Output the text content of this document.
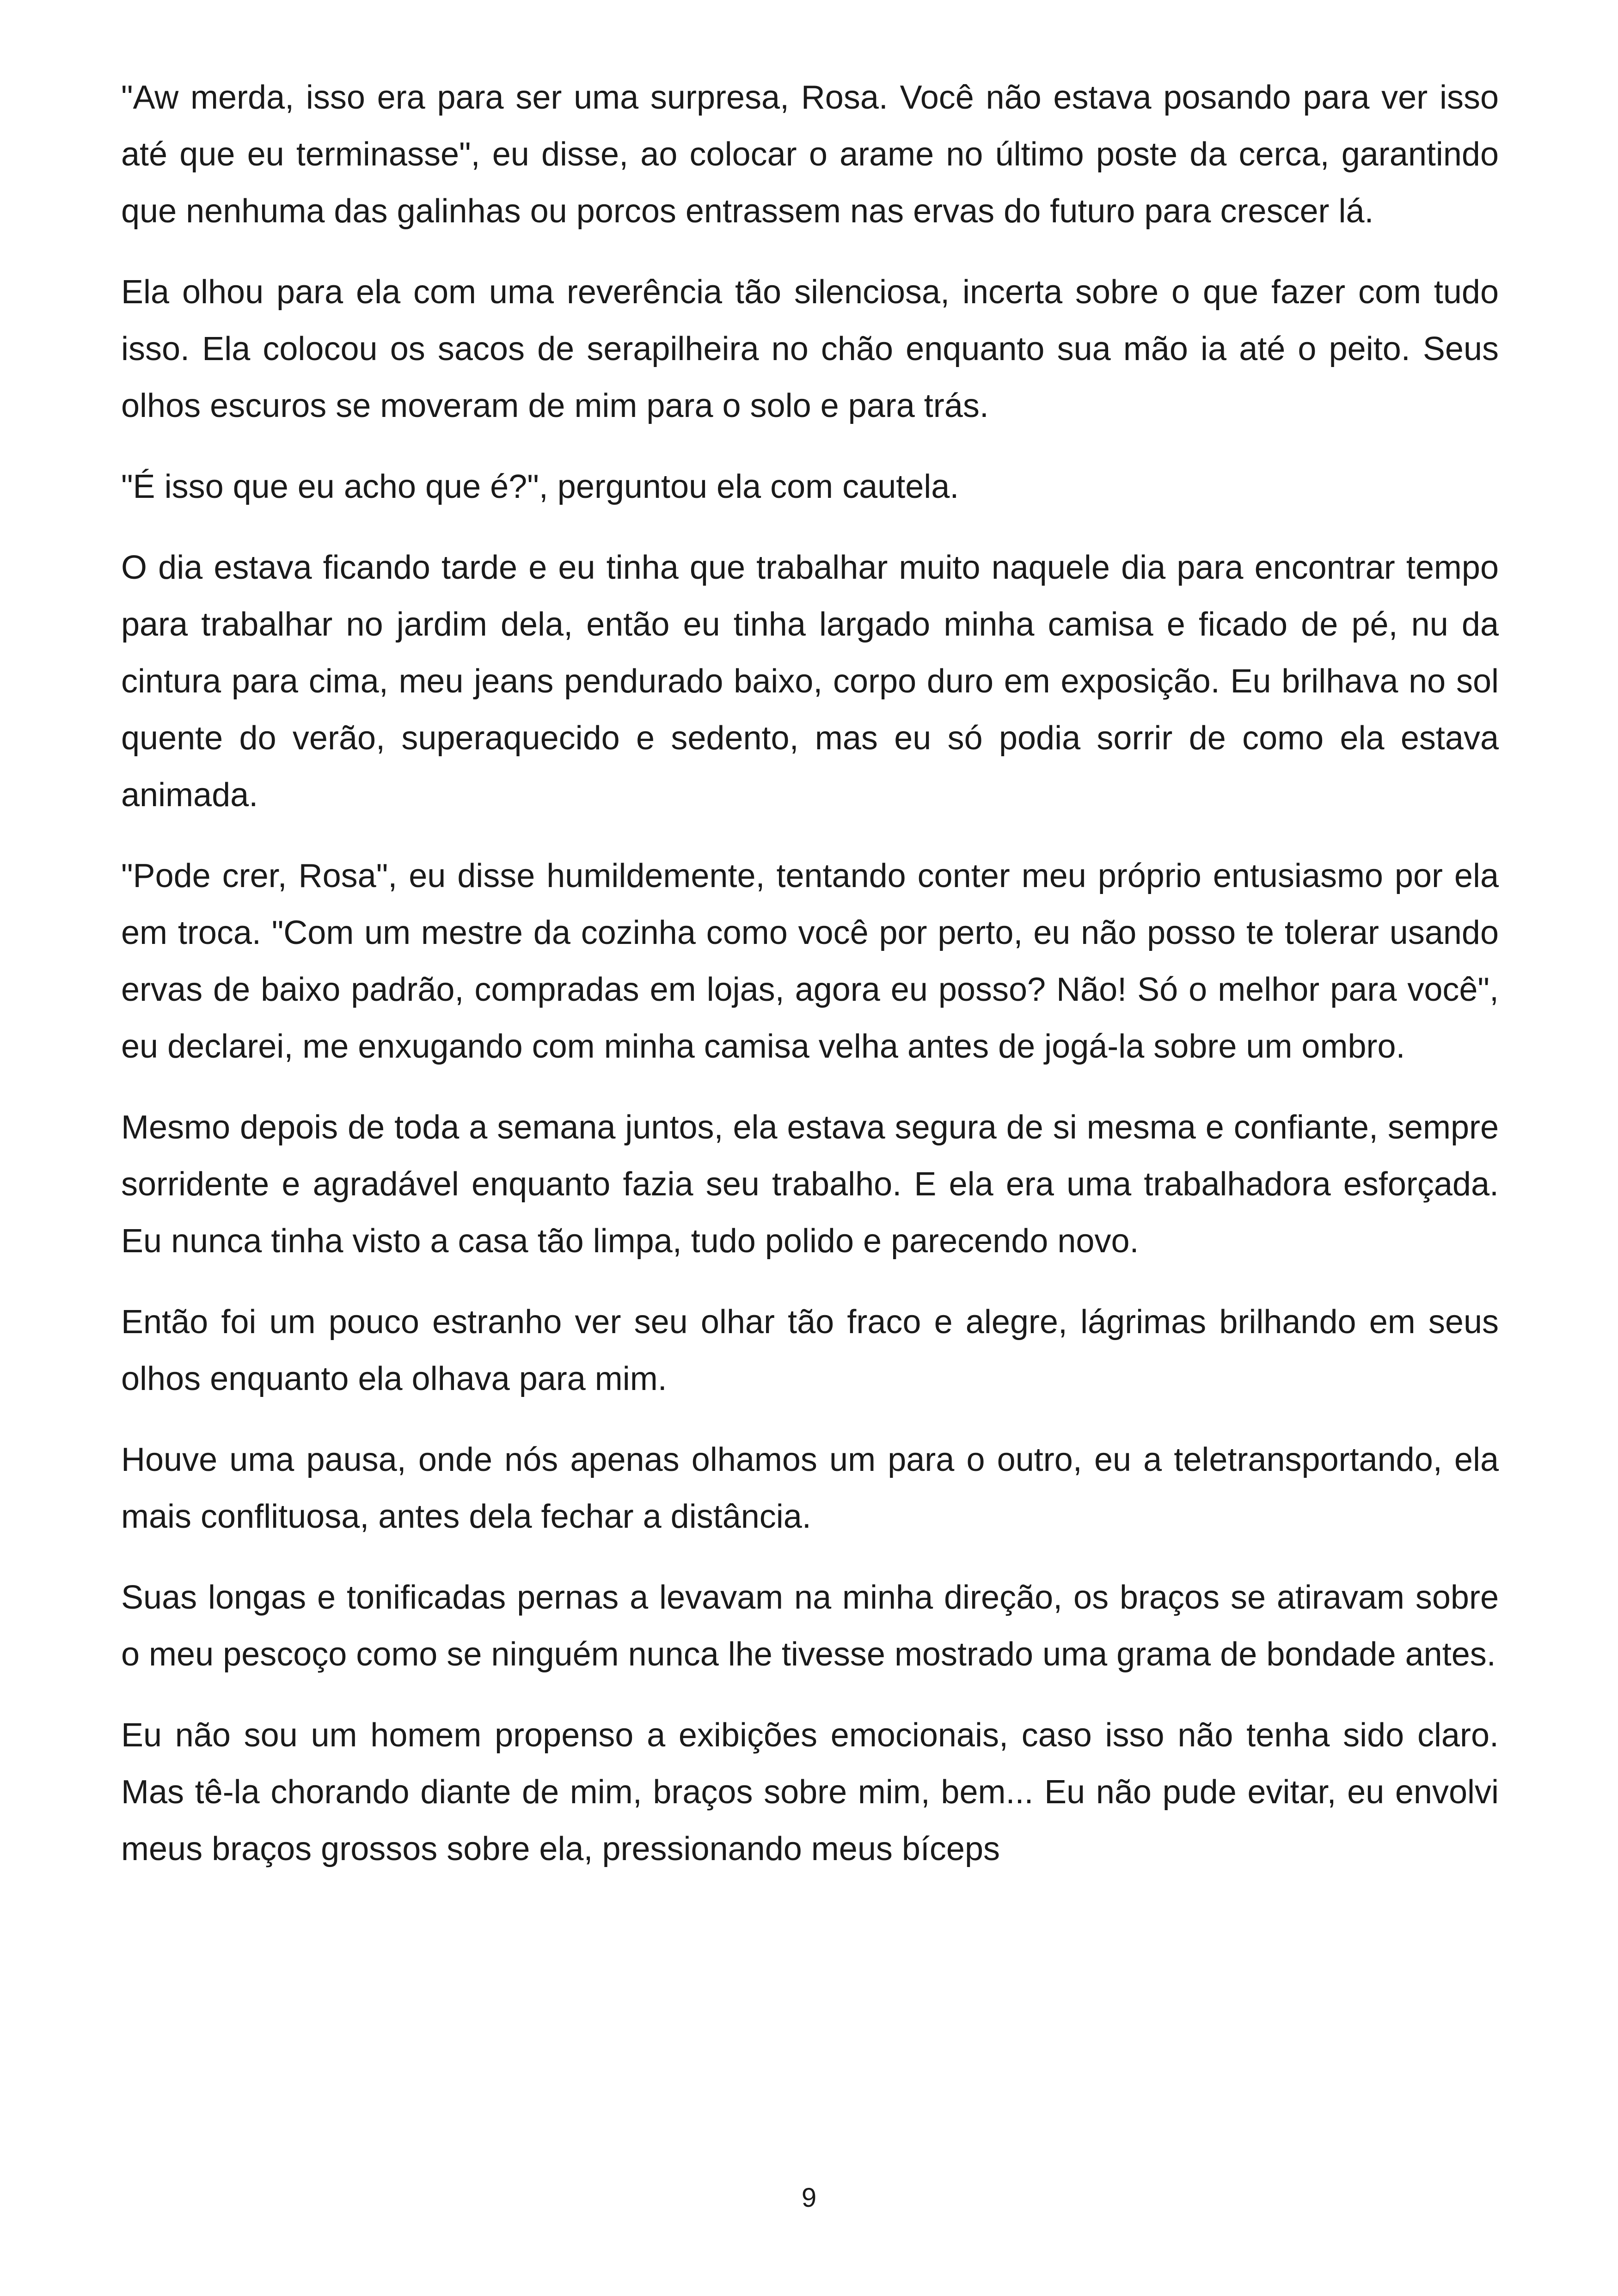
"Aw merda, isso era para ser uma surpresa, Rosa. Você não estava posando para ver isso até que eu terminasse", eu disse, ao colocar o arame no último poste da cerca, garantindo que nenhuma das galinhas ou porcos entrassem nas ervas do futuro para crescer lá.

Ela olhou para ela com uma reverência tão silenciosa, incerta sobre o que fazer com tudo isso. Ela colocou os sacos de serapilheira no chão enquanto sua mão ia até o peito. Seus olhos escuros se moveram de mim para o solo e para trás.

"É isso que eu acho que é?", perguntou ela com cautela.

O dia estava ficando tarde e eu tinha que trabalhar muito naquele dia para encontrar tempo para trabalhar no jardim dela, então eu tinha largado minha camisa e ficado de pé, nu da cintura para cima, meu jeans pendurado baixo, corpo duro em exposição. Eu brilhava no sol quente do verão, superaquecido e sedento, mas eu só podia sorrir de como ela estava animada.

"Pode crer, Rosa", eu disse humildemente, tentando conter meu próprio entusiasmo por ela em troca. "Com um mestre da cozinha como você por perto, eu não posso te tolerar usando ervas de baixo padrão, compradas em lojas, agora eu posso? Não! Só o melhor para você", eu declarei, me enxugando com minha camisa velha antes de jogá-la sobre um ombro.

Mesmo depois de toda a semana juntos, ela estava segura de si mesma e confiante, sempre sorridente e agradável enquanto fazia seu trabalho. E ela era uma trabalhadora esforçada. Eu nunca tinha visto a casa tão limpa, tudo polido e parecendo novo.

Então foi um pouco estranho ver seu olhar tão fraco e alegre, lágrimas brilhando em seus olhos enquanto ela olhava para mim.

Houve uma pausa, onde nós apenas olhamos um para o outro, eu a teletransportando, ela mais conflituosa, antes dela fechar a distância.

Suas longas e tonificadas pernas a levavam na minha direção, os braços se atiravam sobre o meu pescoço como se ninguém nunca lhe tivesse mostrado uma grama de bondade antes.

Eu não sou um homem propenso a exibições emocionais, caso isso não tenha sido claro. Mas tê-la chorando diante de mim, braços sobre mim, bem... Eu não pude evitar, eu envolvi meus braços grossos sobre ela, pressionando meus bíceps

9
